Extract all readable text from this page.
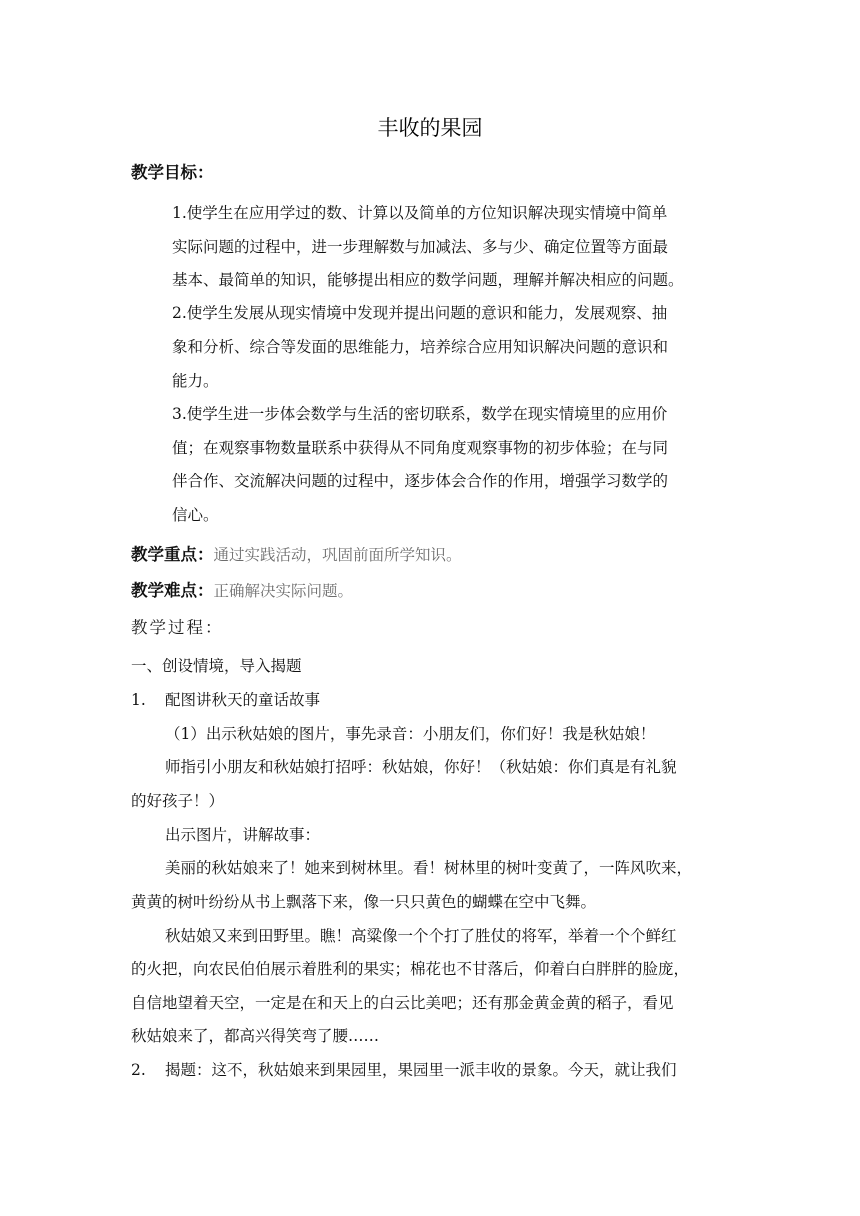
丰收的果园
教学目标：
1.使学生在应用学过的数、计算以及简单的方位知识解决现实情境中简单
实际问题的过程中，进一步理解数与加减法、多与少、确定位置等方面最
基本、最简单的知识，能够提出相应的数学问题，理解并解决相应的问题。
2.使学生发展从现实情境中发现并提出问题的意识和能力，发展观察、抽
象和分析、综合等发面的思维能力，培养综合应用知识解决问题的意识和
能力。
3.使学生进一步体会数学与生活的密切联系，数学在现实情境里的应用价
值；在观察事物数量联系中获得从不同角度观察事物的初步体验；在与同
伴合作、交流解决问题的过程中，逐步体会合作的作用，增强学习数学的
信心。
教学重点：通过实践活动，巩固前面所学知识。
教学难点：正确解决实际问题。
教学过程：
一、创设情境，导入揭题
1. 配图讲秋天的童话故事
（1）出示秋姑娘的图片，事先录音：小朋友们，你们好！我是秋姑娘！
师指引小朋友和秋姑娘打招呼：秋姑娘，你好！（秋姑娘：你们真是有礼貌
的好孩子！）
出示图片，讲解故事：
美丽的秋姑娘来了！她来到树林里。看！树林里的树叶变黄了，一阵风吹来，
黄黄的树叶纷纷从书上飘落下来，像一只只黄色的蝴蝶在空中飞舞。
秋姑娘又来到田野里。瞧！高粱像一个个打了胜仗的将军，举着一个个鲜红
的火把，向农民伯伯展示着胜利的果实；棉花也不甘落后，仰着白白胖胖的脸庞，
自信地望着天空，一定是在和天上的白云比美吧；还有那金黄金黄的稻子，看见
秋姑娘来了，都高兴得笑弯了腰……
2. 揭题：这不，秋姑娘来到果园里，果园里一派丰收的景象。今天，就让我们
